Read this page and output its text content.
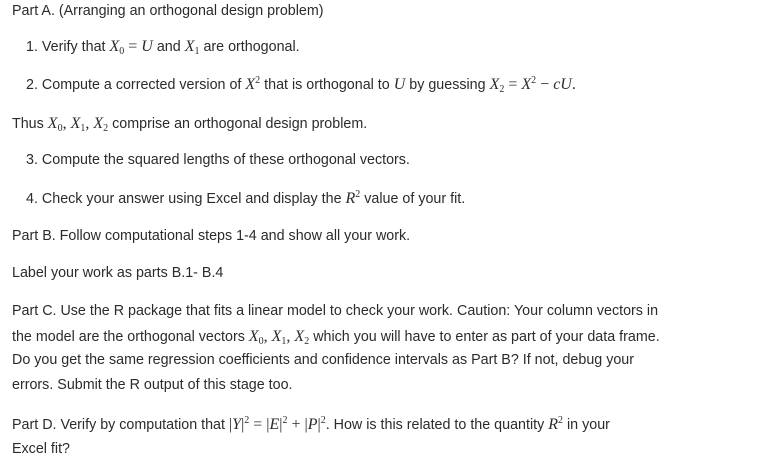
Part A. (Arranging an orthogonal design problem)
1. Verify that $X_0 = U$ and $X_1$ are orthogonal.
2. Compute a corrected version of $X^2$ that is orthogonal to U by guessing $X_2 = X^2$ − cU.
Thus $X_0$, $X_1$, $X_2$ comprise an orthogonal design problem.
3. Compute the squared lengths of these orthogonal vectors.
4. Check your answer using Excel and display the $R^2$ value of your fit.
Part B. Follow computational steps 1-4 and show all your work.
Label your work as parts B.1- B.4
Part C. Use the R package that fits a linear model to check your work. Caution: Your column vectors in
the model are the orthogonal vectors $X_0$, $X_1$, $X_2$ which you will have to enter as part of your data frame.
Do you get the same regression coefficients and confidence intervals as Part B? If not, debug your
errors. Submit the R output of this stage too.
Part D. Verify by computation that $|Y|^2 = |E|^2 + |P|^2$. How is this related to the quantity $R^2$ in your
Excel fit?
